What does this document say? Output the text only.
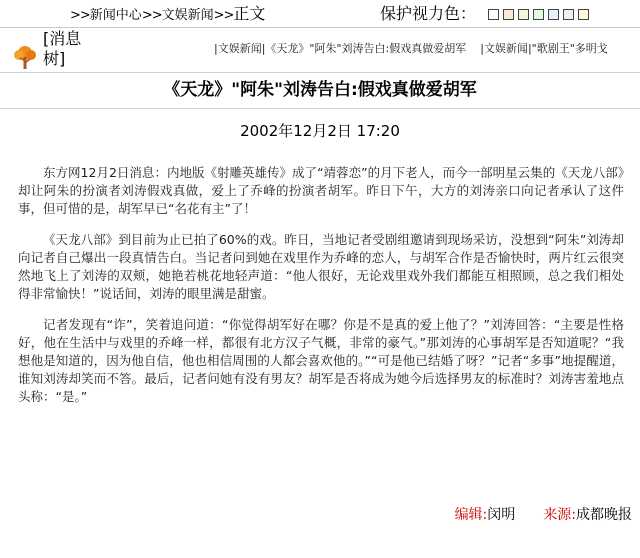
>>新闻中心>>文娱新闻>>正文	保护视力色：
[消息树]
|文娱新闻|《天龙》"阿朱"刘涛告白:假戏真做爱胡军 |文娱新闻|"歌剧王"多明戈
《天龙》"阿朱"刘涛告白:假戏真做爱胡军
2002年12月2日 17:20

东方网12月2日消息：内地版《射雕英雄传》成了“靖蓉恋”的月下老人，而今一部明星云集的《天龙八部》却让阿朱的扮演者刘涛假戏真做，爱上了乔峰的扮演者胡军。昨日下午，大方的刘涛亲口向记者承认了这件事，但可惜的是，胡军早已“名花有主”了！

《天龙八部》到目前为止已拍了60%的戏。昨日，当地记者受剧组邀请到现场采访，没想到“阿朱”刘涛却向记者自己爆出一段真情告白。当记者问到她在戏里作为乔峰的恋人，与胡军合作是否愉快时，两片红云很突然地飞上了刘涛的双颊，她艳若桃花地轻声道：“他人很好，无论戏里戏外我们都能互相照顾，总之我们相处得非常愉快！”说话间，刘涛的眼里满是甜蜜。

记者发现有“诈”，笑着追问道：“你觉得胡军好在哪？你是不是真的爱上他了？”刘涛回答：“主要是性格好，他在生活中与戏里的乔峰一样，都很有北方汉子气概，非常的豪气。”那刘涛的心事胡军是否知道呢？“我想他是知道的，因为他自信，他也相信周围的人都会喜欢他的。”“可是他已结婚了呀？”记者“多事”地提醒道，谁知刘涛却笑而不答。最后，记者问她有没有男友？胡军是否将成为她今后选择男友的标准时？刘涛害羞地点头称：“是。”

编辑:闵明 来源:成都晚报
